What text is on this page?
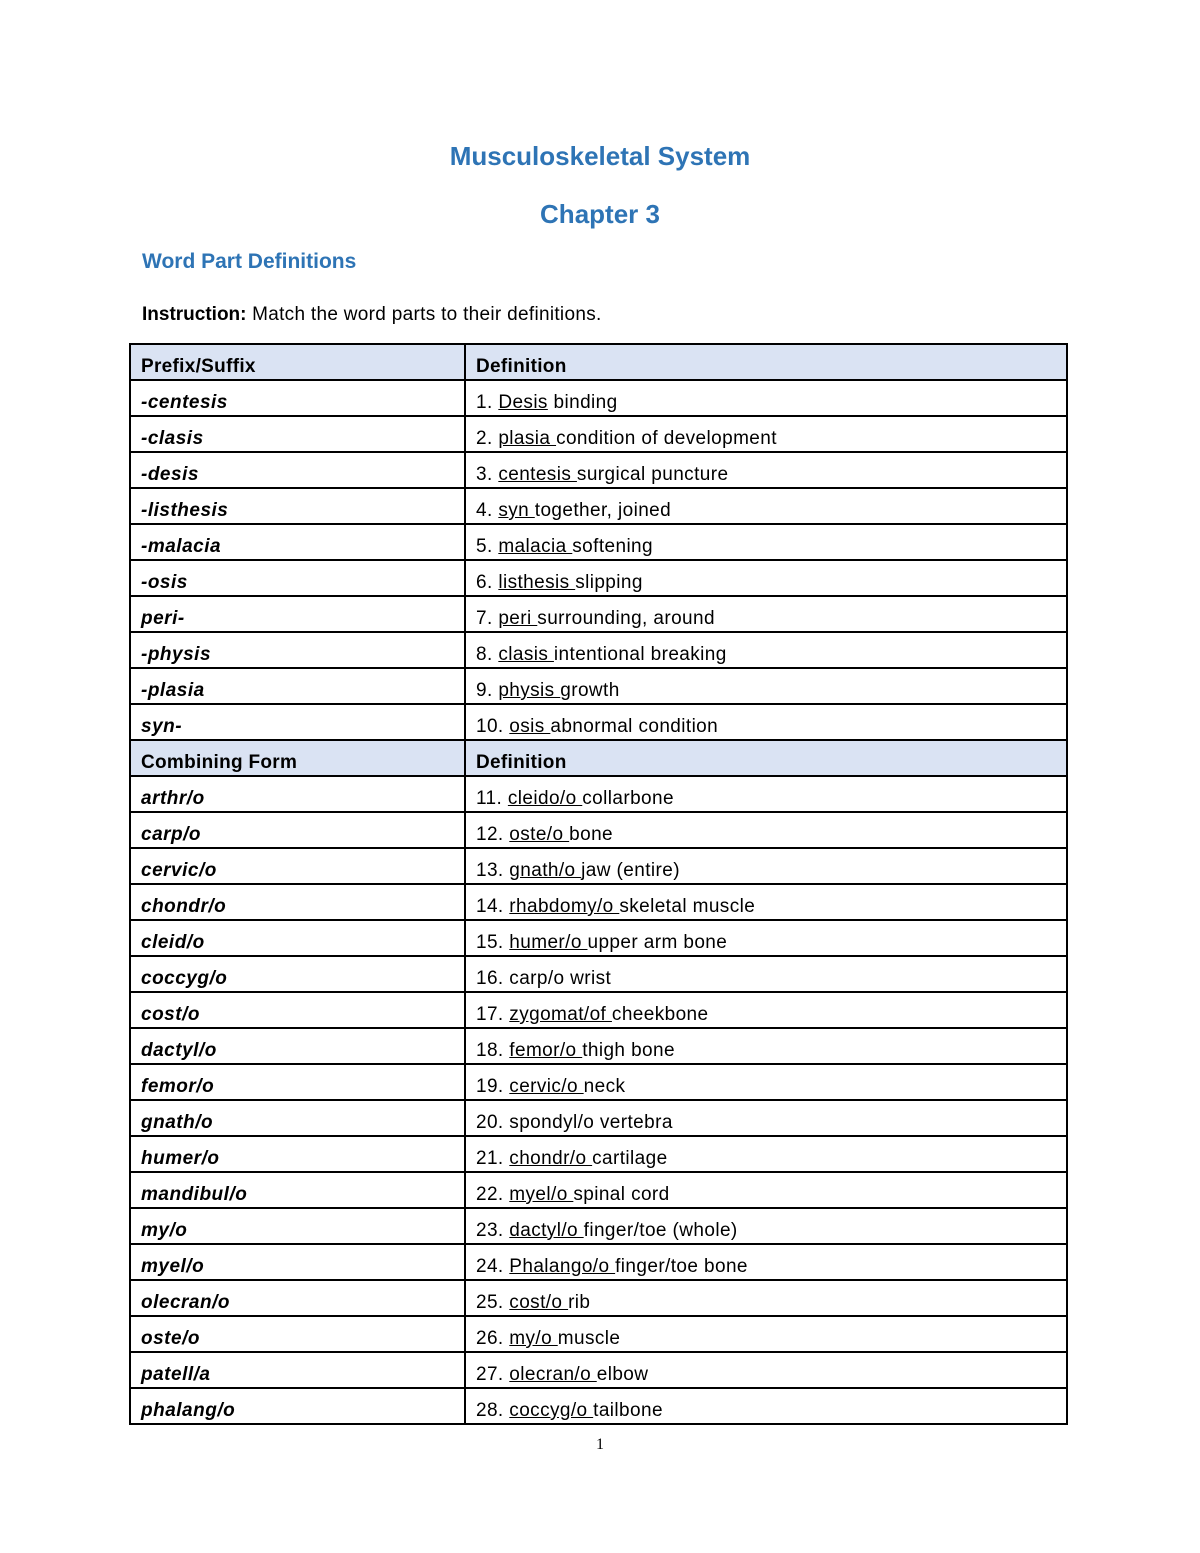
Musculoskeletal System
Chapter 3
Word Part Definitions

Instruction: Match the word parts to their definitions.

Prefix/Suffix	Definition
-centesis	1. Desis binding
-clasis	2. plasia condition of development
-desis	3. centesis surgical puncture
-listhesis	4. syn together, joined
-malacia	5. malacia softening
-osis	6. listhesis slipping
peri-	7. peri surrounding, around
-physis	8. clasis intentional breaking
-plasia	9. physis growth
syn-	10. osis abnormal condition
Combining Form	Definition
arthr/o	11. cleido/o collarbone
carp/o	12. oste/o bone
cervic/o	13. gnath/o jaw (entire)
chondr/o	14. rhabdomy/o skeletal muscle
cleid/o	15. humer/o upper arm bone
coccyg/o	16. carp/o wrist
cost/o	17. zygomat/of cheekbone
dactyl/o	18. femor/o thigh bone
femor/o	19. cervic/o neck
gnath/o	20. spondyl/o vertebra
humer/o	21. chondr/o cartilage
mandibul/o	22. myel/o spinal cord
my/o	23. dactyl/o finger/toe (whole)
myel/o	24. Phalango/o finger/toe bone
olecran/o	25. cost/o rib
oste/o	26. my/o muscle
patell/a	27. olecran/o elbow
phalang/o	28. coccyg/o tailbone

1
